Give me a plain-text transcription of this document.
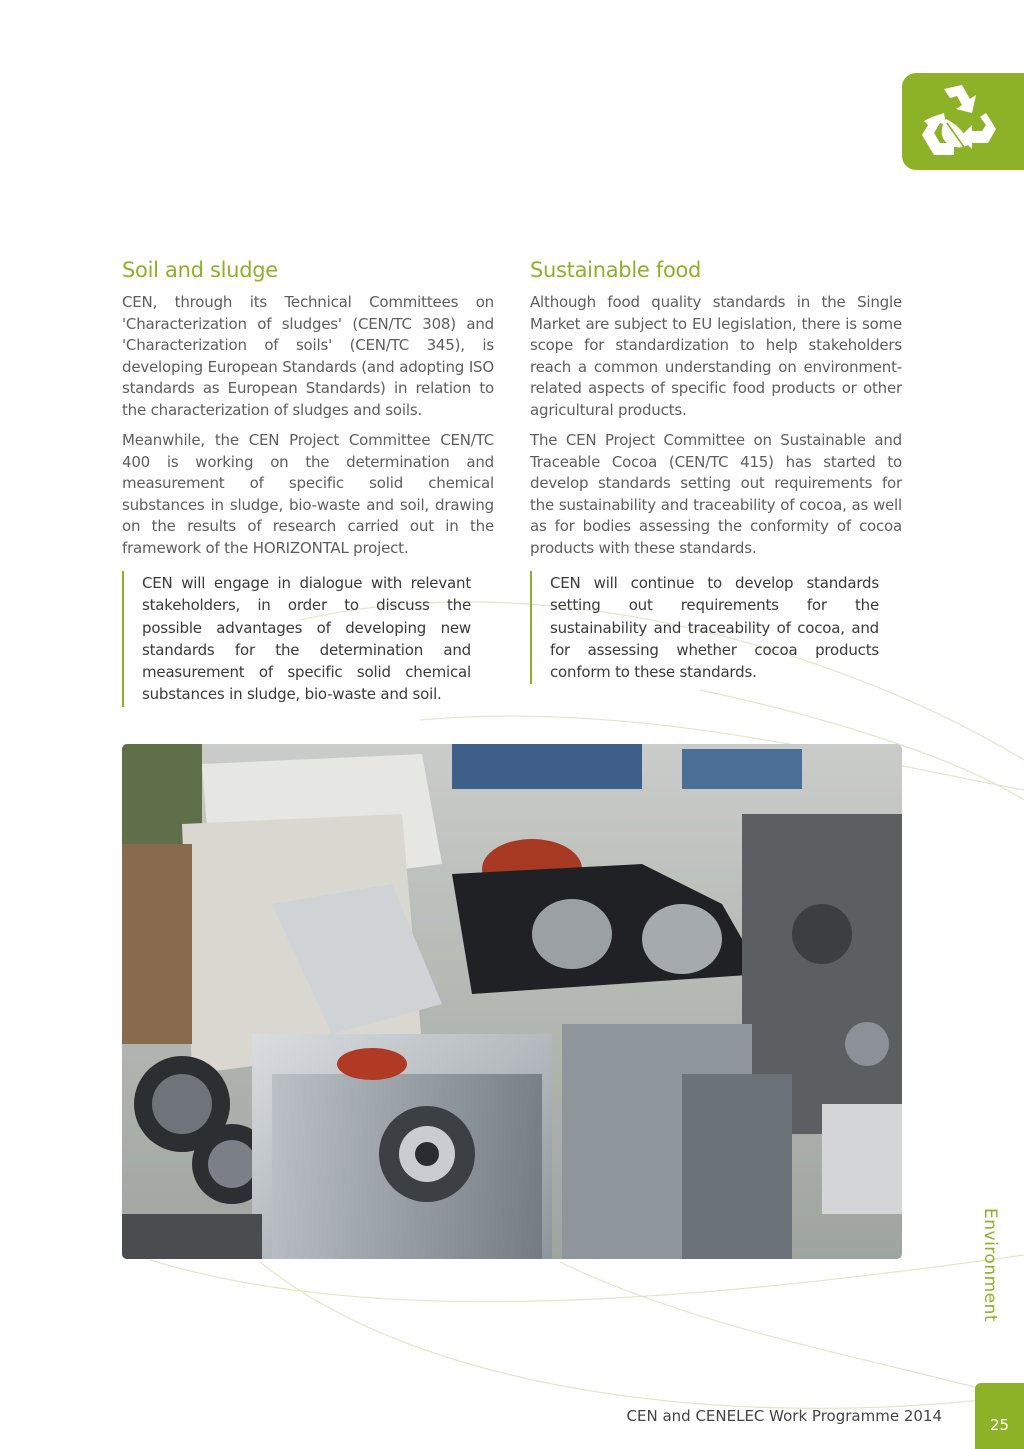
Soil and sludge

CEN, through its Technical Committees on 'Characterization of sludges' (CEN/TC 308) and 'Characterization of soils' (CEN/TC 345), is developing European Standards (and adopting ISO standards as European Standards) in relation to the characterization of sludges and soils.

Meanwhile, the CEN Project Committee CEN/TC 400 is working on the determination and measurement of specific solid chemical substances in sludge, bio-waste and soil, drawing on the results of research carried out in the framework of the HORIZONTAL project.

CEN will engage in dialogue with relevant stakeholders, in order to discuss the possible advantages of developing new standards for the determination and measurement of specific solid chemical substances in sludge, bio-waste and soil.
Sustainable food

Although food quality standards in the Single Market are subject to EU legislation, there is some scope for standardization to help stakeholders reach a common understanding on environment-related aspects of specific food products or other agricultural products.

The CEN Project Committee on Sustainable and Traceable Cocoa (CEN/TC 415) has started to develop standards setting out requirements for the sustainability and traceability of cocoa, as well as for bodies assessing the conformity of cocoa products with these standards.

CEN will continue to develop standards setting out requirements for the sustainability and traceability of cocoa, and for assessing whether cocoa products conform to these standards.
Environment
CEN and CENELEC Work Programme 2014	25
